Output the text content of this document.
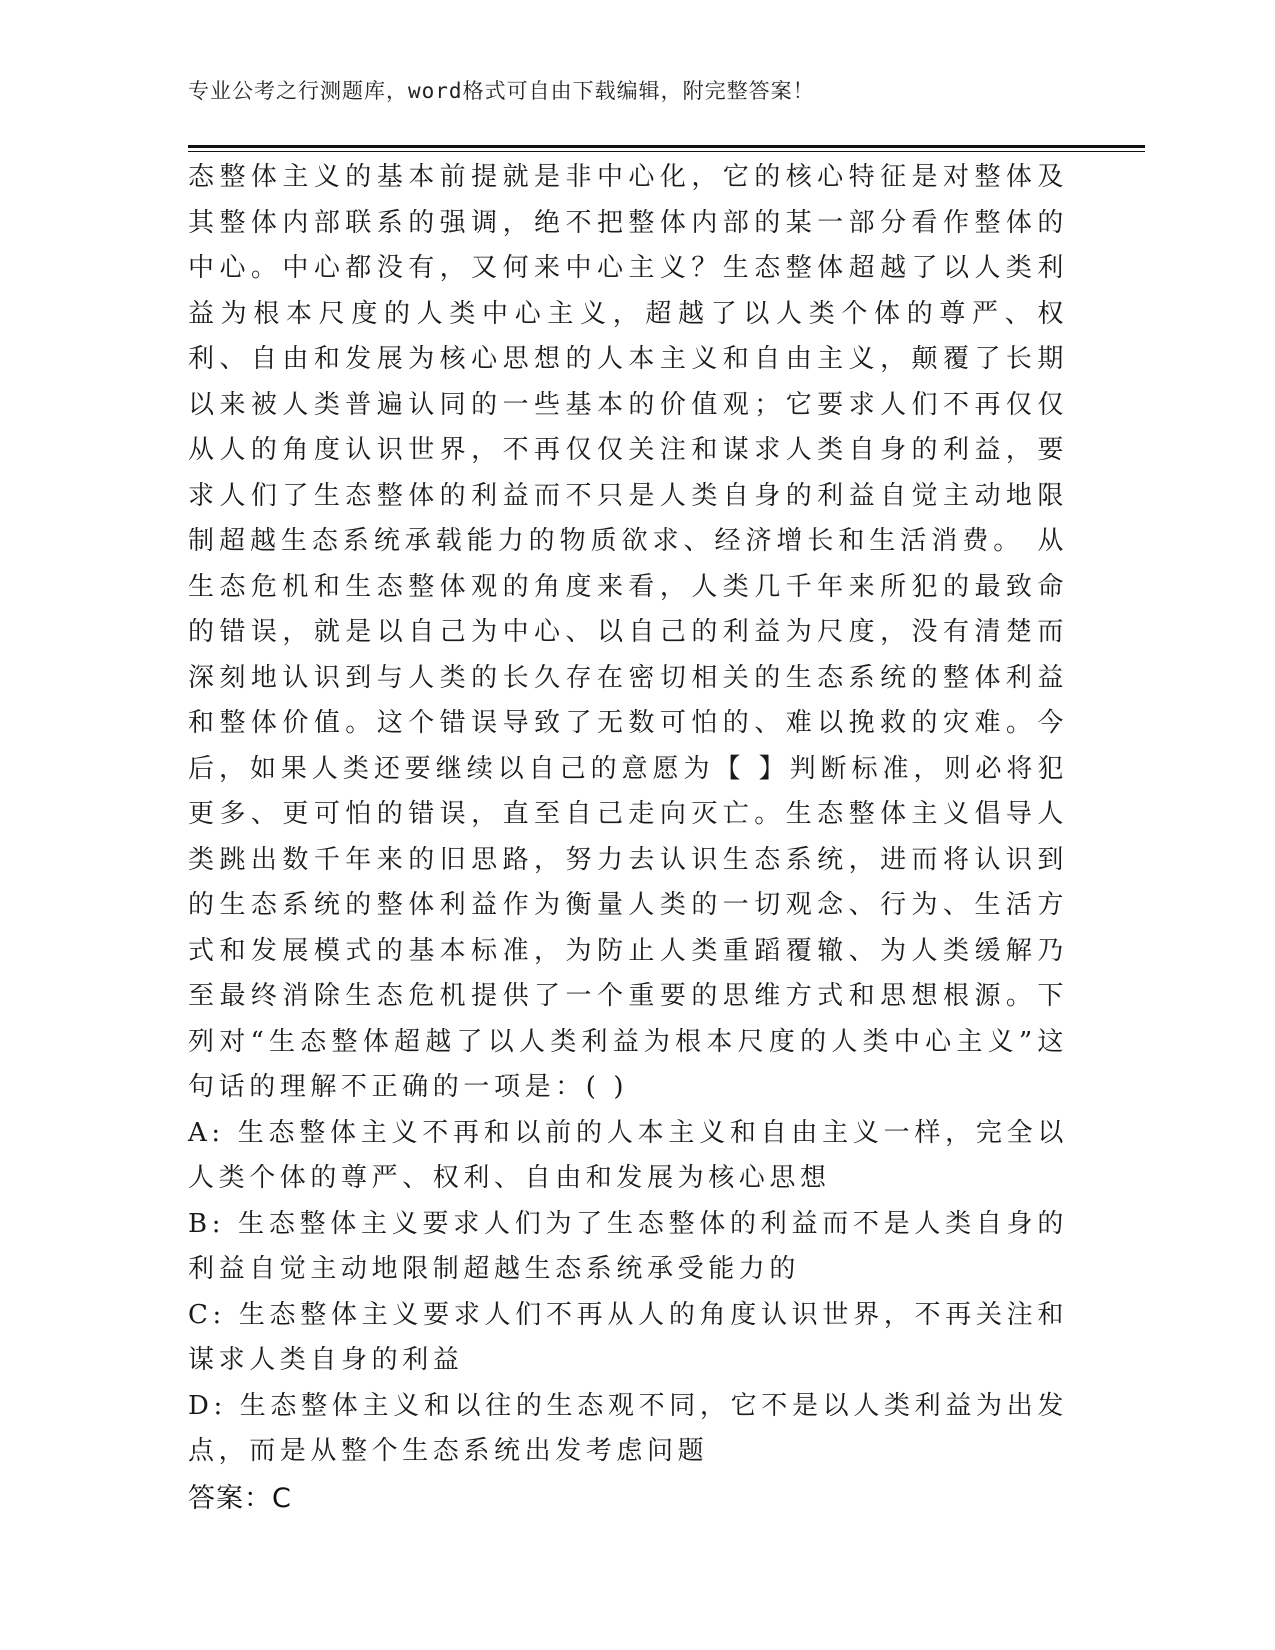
专业公考之行测题库，word格式可自由下载编辑，附完整答案！

态整体主义的基本前提就是非中心化，它的核心特征是对整体及其整体内部联系的强调，绝不把整体内部的某一部分看作整体的中心。中心都没有，又何来中心主义？生态整体超越了以人类利益为根本尺度的人类中心主义，超越了以人类个体的尊严、权利、自由和发展为核心思想的人本主义和自由主义，颠覆了长期以来被人类普遍认同的一些基本的价值观；它要求人们不再仅仅从人的角度认识世界，不再仅仅关注和谋求人类自身的利益，要求人们了生态整体的利益而不只是人类自身的利益自觉主动地限制超越生态系统承载能力的物质欲求、经济增长和生活消费。 从生态危机和生态整体观的角度来看，人类几千年来所犯的最致命的错误，就是以自己为中心、以自己的利益为尺度，没有清楚而深刻地认识到与人类的长久存在密切相关的生态系统的整体利益和整体价值。这个错误导致了无数可怕的、难以挽救的灾难。今后，如果人类还要继续以自己的意愿为【 】判断标准，则必将犯更多、更可怕的错误，直至自己走向灭亡。生态整体主义倡导人类跳出数千年来的旧思路，努力去认识生态系统，进而将认识到的生态系统的整体利益作为衡量人类的一切观念、行为、生活方式和发展模式的基本标准，为防止人类重蹈覆辙、为人类缓解乃至最终消除生态危机提供了一个重要的思维方式和思想根源。下列对“生态整体超越了以人类利益为根本尺度的人类中心主义”这句话的理解不正确的一项是：( )

A: 生态整体主义不再和以前的人本主义和自由主义一样，完全以人类个体的尊严、权利、自由和发展为核心思想

B: 生态整体主义要求人们为了生态整体的利益而不是人类自身的利益自觉主动地限制超越生态系统承受能力的

C: 生态整体主义要求人们不再从人的角度认识世界，不再关注和谋求人类自身的利益

D: 生态整体主义和以往的生态观不同，它不是以人类利益为出发点，而是从整个生态系统出发考虑问题

答案：C
